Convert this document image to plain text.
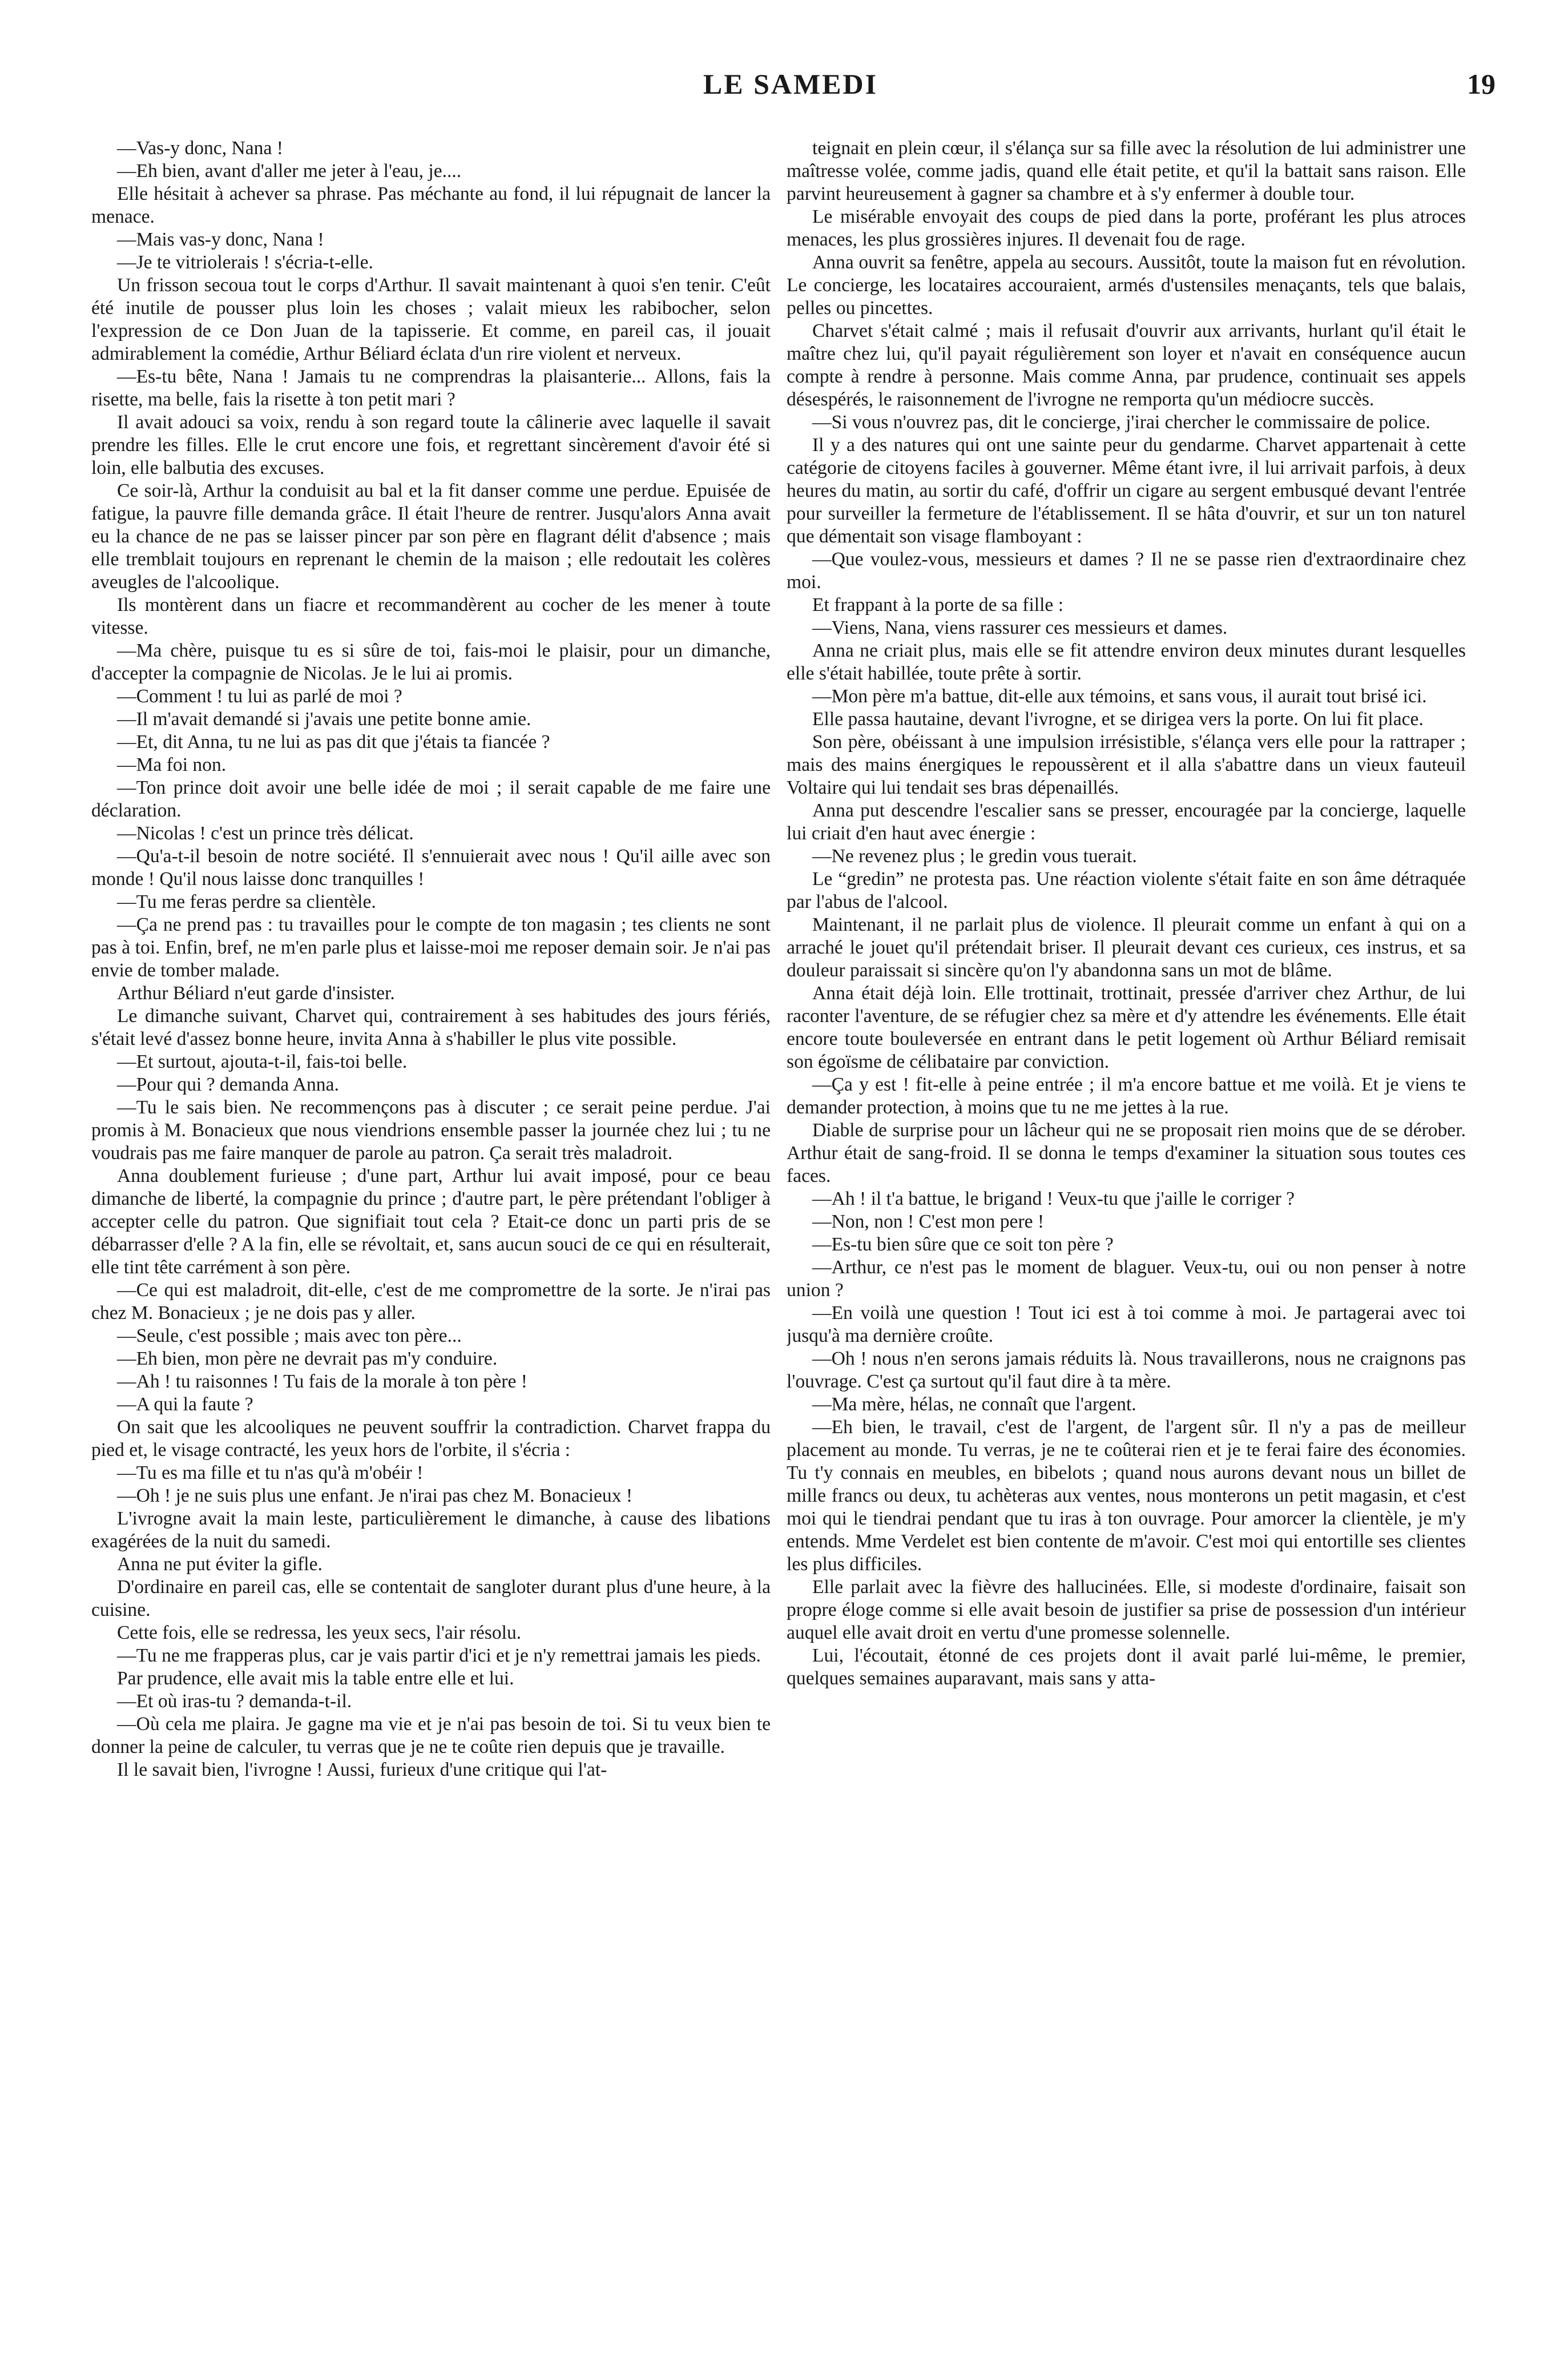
LE SAMEDI	19

—Vas-y donc, Nana !

—Eh bien, avant d'aller me jeter à l'eau, je....

Elle hésitait à achever sa phrase. Pas méchante au fond, il lui répugnait de lancer la menace.

—Mais vas-y donc, Nana !

—Je te vitriolerais ! s'écria-t-elle.

Un frisson secoua tout le corps d'Arthur. Il savait maintenant à quoi s'en tenir. C'eût été inutile de pousser plus loin les choses ; valait mieux les rabibocher, selon l'expression de ce Don Juan de la tapisserie. Et comme, en pareil cas, il jouait admirablement la comédie, Arthur Béliard éclata d'un rire violent et nerveux.

—Es-tu bête, Nana ! Jamais tu ne comprendras la plaisanterie... Allons, fais la risette, ma belle, fais la risette à ton petit mari ?

Il avait adouci sa voix, rendu à son regard toute la câlinerie avec laquelle il savait prendre les filles. Elle le crut encore une fois, et regrettant sincèrement d'avoir été si loin, elle balbutia des excuses.

Ce soir-là, Arthur la conduisit au bal et la fit danser comme une perdue. Epuisée de fatigue, la pauvre fille demanda grâce. Il était l'heure de rentrer. Jusqu'alors Anna avait eu la chance de ne pas se laisser pincer par son père en flagrant délit d'absence ; mais elle tremblait toujours en reprenant le chemin de la maison ; elle redoutait les colères aveugles de l'alcoolique.

Ils montèrent dans un fiacre et recommandèrent au cocher de les mener à toute vitesse.

—Ma chère, puisque tu es si sûre de toi, fais-moi le plaisir, pour un dimanche, d'accepter la compagnie de Nicolas. Je le lui ai promis.

—Comment ! tu lui as parlé de moi ?

—Il m'avait demandé si j'avais une petite bonne amie.

—Et, dit Anna, tu ne lui as pas dit que j'étais ta fiancée ?

—Ma foi non.

—Ton prince doit avoir une belle idée de moi ; il serait capable de me faire une déclaration.

—Nicolas ! c'est un prince très délicat.

—Qu'a-t-il besoin de notre société. Il s'ennuierait avec nous ! Qu'il aille avec son monde ! Qu'il nous laisse donc tranquilles !

—Tu me feras perdre sa clientèle.

—Ça ne prend pas : tu travailles pour le compte de ton magasin ; tes clients ne sont pas à toi. Enfin, bref, ne m'en parle plus et laisse-moi me reposer demain soir. Je n'ai pas envie de tomber malade.

Arthur Béliard n'eut garde d'insister.

Le dimanche suivant, Charvet qui, contrairement à ses habitudes des jours fériés, s'était levé d'assez bonne heure, invita Anna à s'habiller le plus vite possible.

—Et surtout, ajouta-t-il, fais-toi belle.

—Pour qui ? demanda Anna.

—Tu le sais bien. Ne recommençons pas à discuter ; ce serait peine perdue. J'ai promis à M. Bonacieux que nous viendrions ensemble passer la journée chez lui ; tu ne voudrais pas me faire manquer de parole au patron. Ça serait très maladroit.

Anna doublement furieuse ; d'une part, Arthur lui avait imposé, pour ce beau dimanche de liberté, la compagnie du prince ; d'autre part, le père prétendant l'obliger à accepter celle du patron. Que signifiait tout cela ? Etait-ce donc un parti pris de se débarrasser d'elle ? A la fin, elle se révoltait, et, sans aucun souci de ce qui en résulterait, elle tint tête carrément à son père.

—Ce qui est maladroit, dit-elle, c'est de me compromettre de la sorte. Je n'irai pas chez M. Bonacieux ; je ne dois pas y aller.

—Seule, c'est possible ; mais avec ton père...

—Eh bien, mon père ne devrait pas m'y conduire.

—Ah ! tu raisonnes ! Tu fais de la morale à ton père !

—A qui la faute ?

On sait que les alcooliques ne peuvent souffrir la contradiction. Charvet frappa du pied et, le visage contracté, les yeux hors de l'orbite, il s'écria :

—Tu es ma fille et tu n'as qu'à m'obéir !

—Oh ! je ne suis plus une enfant. Je n'irai pas chez M. Bonacieux !

L'ivrogne avait la main leste, particulièrement le dimanche, à cause des libations exagérées de la nuit du samedi.

Anna ne put éviter la gifle.

D'ordinaire en pareil cas, elle se contentait de sangloter durant plus d'une heure, à la cuisine.

Cette fois, elle se redressa, les yeux secs, l'air résolu.

—Tu ne me frapperas plus, car je vais partir d'ici et je n'y remettrai jamais les pieds.

Par prudence, elle avait mis la table entre elle et lui.

—Et où iras-tu ? demanda-t-il.

—Où cela me plaira. Je gagne ma vie et je n'ai pas besoin de toi. Si tu veux bien te donner la peine de calculer, tu verras que je ne te coûte rien depuis que je travaille.

Il le savait bien, l'ivrogne ! Aussi, furieux d'une critique qui l'at-

teignait en plein cœur, il s'élança sur sa fille avec la résolution de lui administrer une maîtresse volée, comme jadis, quand elle était petite, et qu'il la battait sans raison. Elle parvint heureusement à gagner sa chambre et à s'y enfermer à double tour.

Le misérable envoyait des coups de pied dans la porte, proférant les plus atroces menaces, les plus grossières injures. Il devenait fou de rage.

Anna ouvrit sa fenêtre, appela au secours. Aussitôt, toute la maison fut en révolution. Le concierge, les locataires accouraient, armés d'ustensiles menaçants, tels que balais, pelles ou pincettes.

Charvet s'était calmé ; mais il refusait d'ouvrir aux arrivants, hurlant qu'il était le maître chez lui, qu'il payait régulièrement son loyer et n'avait en conséquence aucun compte à rendre à personne. Mais comme Anna, par prudence, continuait ses appels désespérés, le raisonnement de l'ivrogne ne remporta qu'un médiocre succès.

—Si vous n'ouvrez pas, dit le concierge, j'irai chercher le commissaire de police.

Il y a des natures qui ont une sainte peur du gendarme. Charvet appartenait à cette catégorie de citoyens faciles à gouverner. Même étant ivre, il lui arrivait parfois, à deux heures du matin, au sortir du café, d'offrir un cigare au sergent embusqué devant l'entrée pour surveiller la fermeture de l'établissement. Il se hâta d'ouvrir, et sur un ton naturel que démentait son visage flamboyant :

—Que voulez-vous, messieurs et dames ? Il ne se passe rien d'extraordinaire chez moi.

Et frappant à la porte de sa fille :

—Viens, Nana, viens rassurer ces messieurs et dames.

Anna ne criait plus, mais elle se fit attendre environ deux minutes durant lesquelles elle s'était habillée, toute prête à sortir.

—Mon père m'a battue, dit-elle aux témoins, et sans vous, il aurait tout brisé ici.

Elle passa hautaine, devant l'ivrogne, et se dirigea vers la porte. On lui fit place.

Son père, obéissant à une impulsion irrésistible, s'élança vers elle pour la rattraper ; mais des mains énergiques le repoussèrent et il alla s'abattre dans un vieux fauteuil Voltaire qui lui tendait ses bras dépenaillés.

Anna put descendre l'escalier sans se presser, encouragée par la concierge, laquelle lui criait d'en haut avec énergie :

—Ne revenez plus ; le gredin vous tuerait.

Le “gredin” ne protesta pas. Une réaction violente s'était faite en son âme détraquée par l'abus de l'alcool.

Maintenant, il ne parlait plus de violence. Il pleurait comme un enfant à qui on a arraché le jouet qu'il prétendait briser. Il pleurait devant ces curieux, ces instrus, et sa douleur paraissait si sincère qu'on l'y abandonna sans un mot de blâme.

Anna était déjà loin. Elle trottinait, trottinait, pressée d'arriver chez Arthur, de lui raconter l'aventure, de se réfugier chez sa mère et d'y attendre les événements. Elle était encore toute bouleversée en entrant dans le petit logement où Arthur Béliard remisait son égoïsme de célibataire par conviction.

—Ça y est ! fit-elle à peine entrée ; il m'a encore battue et me voilà. Et je viens te demander protection, à moins que tu ne me jettes à la rue.

Diable de surprise pour un lâcheur qui ne se proposait rien moins que de se dérober. Arthur était de sang-froid. Il se donna le temps d'examiner la situation sous toutes ces faces.

—Ah ! il t'a battue, le brigand ! Veux-tu que j'aille le corriger ?

—Non, non ! C'est mon pere !

—Es-tu bien sûre que ce soit ton père ?

—Arthur, ce n'est pas le moment de blaguer. Veux-tu, oui ou non penser à notre union ?

—En voilà une question ! Tout ici est à toi comme à moi. Je partagerai avec toi jusqu'à ma dernière croûte.

—Oh ! nous n'en serons jamais réduits là. Nous travaillerons, nous ne craignons pas l'ouvrage. C'est ça surtout qu'il faut dire à ta mère.

—Ma mère, hélas, ne connaît que l'argent.

—Eh bien, le travail, c'est de l'argent, de l'argent sûr. Il n'y a pas de meilleur placement au monde. Tu verras, je ne te coûterai rien et je te ferai faire des économies. Tu t'y connais en meubles, en bibelots ; quand nous aurons devant nous un billet de mille francs ou deux, tu achèteras aux ventes, nous monterons un petit magasin, et c'est moi qui le tiendrai pendant que tu iras à ton ouvrage. Pour amorcer la clientèle, je m'y entends. Mme Verdelet est bien contente de m'avoir. C'est moi qui entortille ses clientes les plus difficiles.

Elle parlait avec la fièvre des hallucinées. Elle, si modeste d'ordinaire, faisait son propre éloge comme si elle avait besoin de justifier sa prise de possession d'un intérieur auquel elle avait droit en vertu d'une promesse solennelle.

Lui, l'écoutait, étonné de ces projets dont il avait parlé lui-même, le premier, quelques semaines auparavant, mais sans y atta-
